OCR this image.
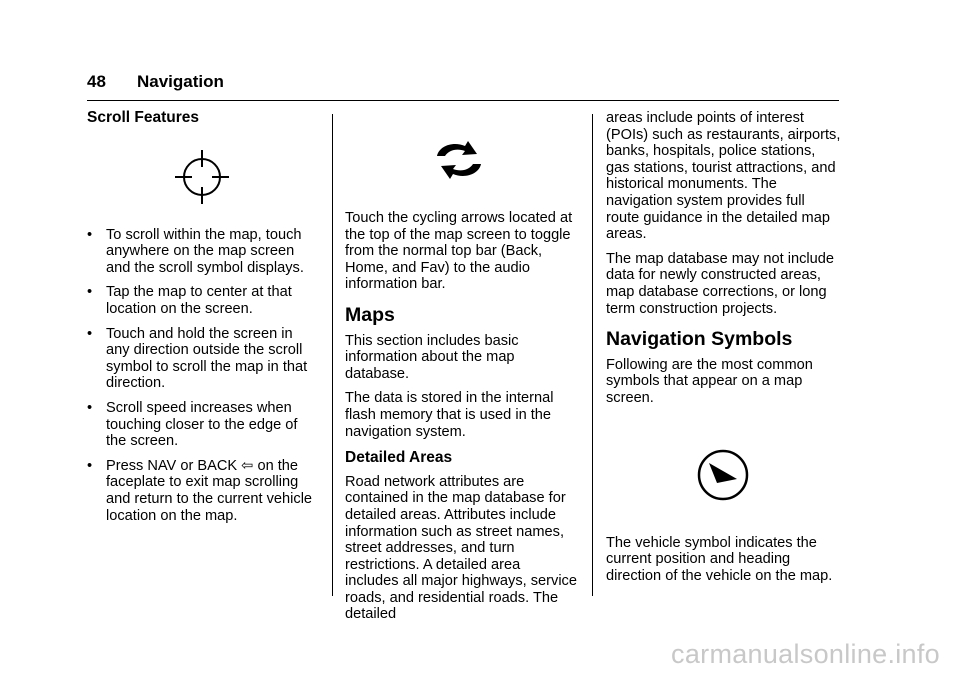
48 Navigation
Scroll Features
• To scroll within the map, touch anywhere on the map screen and the scroll symbol displays.
• Tap the map to center at that location on the screen.
• Touch and hold the screen in any direction outside the scroll symbol to scroll the map in that direction.
• Scroll speed increases when touching closer to the edge of the screen.
• Press NAV or BACK ⇦ on the faceplate to exit map scrolling and return to the current vehicle location on the map.

Touch the cycling arrows located at the top of the map screen to toggle from the normal top bar (Back, Home, and Fav) to the audio information bar.

Maps

This section includes basic information about the map database.

The data is stored in the internal flash memory that is used in the navigation system.

Detailed Areas

Road network attributes are contained in the map database for detailed areas. Attributes include information such as street names, street addresses, and turn restrictions. A detailed area includes all major highways, service roads, and residential roads. The detailed

areas include points of interest (POIs) such as restaurants, airports, banks, hospitals, police stations, gas stations, tourist attractions, and historical monuments. The navigation system provides full route guidance in the detailed map areas.

The map database may not include data for newly constructed areas, map database corrections, or long term construction projects.

Navigation Symbols

Following are the most common symbols that appear on a map screen.

The vehicle symbol indicates the current position and heading direction of the vehicle on the map.

carmanualsonline.info
